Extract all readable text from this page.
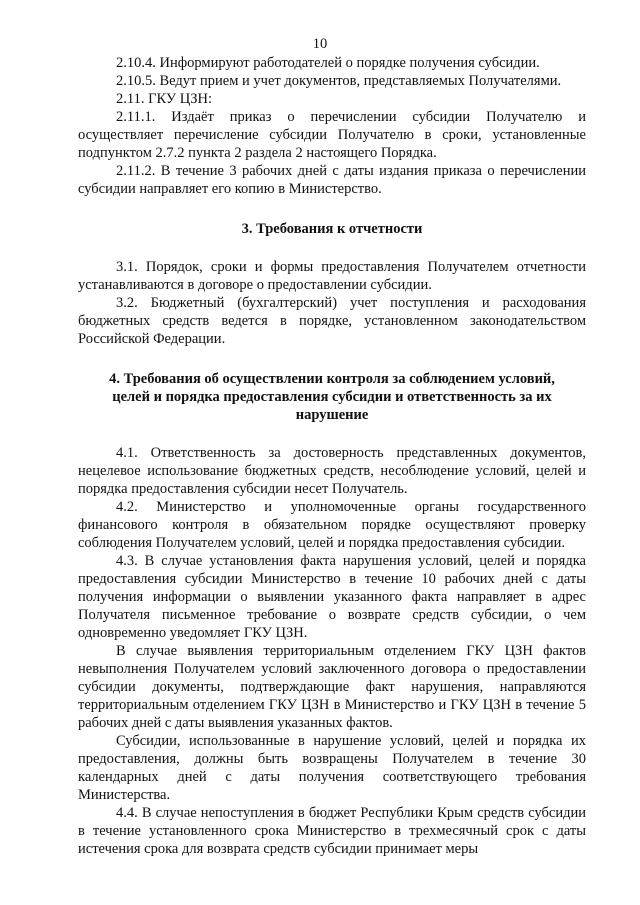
10

2.10.4. Информируют работодателей о порядке получения субсидии.

2.10.5. Ведут прием и учет документов, представляемых Получателями.

2.11. ГКУ ЦЗН:

2.11.1. Издаёт приказ о перечислении субсидии Получателю и осуществляет перечисление субсидии Получателю в сроки, установленные подпунктом 2.7.2 пункта 2 раздела 2 настоящего Порядка.

2.11.2. В течение 3 рабочих дней с даты издания приказа о перечислении субсидии направляет его копию в Министерство.

3. Требования к отчетности

3.1. Порядок, сроки и формы предоставления Получателем отчетности устанавливаются в договоре о предоставлении субсидии.

3.2. Бюджетный (бухгалтерский) учет поступления и расходования бюджетных средств ведется в порядке, установленном законодательством Российской Федерации.

4. Требования об осуществлении контроля за соблюдением условий, целей и порядка предоставления субсидии и ответственность за их нарушение

4.1. Ответственность за достоверность представленных документов, нецелевое использование бюджетных средств, несоблюдение условий, целей и порядка предоставления субсидии несет Получатель.

4.2. Министерство и уполномоченные органы государственного финансового контроля в обязательном порядке осуществляют проверку соблюдения Получателем условий, целей и порядка предоставления субсидии.

4.3. В случае установления факта нарушения условий, целей и порядка предоставления субсидии Министерство в течение 10 рабочих дней с даты получения информации о выявлении указанного факта направляет в адрес Получателя письменное требование о возврате средств субсидии, о чем одновременно уведомляет ГКУ ЦЗН.

В случае выявления территориальным отделением ГКУ ЦЗН фактов невыполнения Получателем условий заключенного договора о предоставлении субсидии документы, подтверждающие факт нарушения, направляются территориальным отделением ГКУ ЦЗН в Министерство и ГКУ ЦЗН в течение 5 рабочих дней с даты выявления указанных фактов.

Субсидии, использованные в нарушение условий, целей и порядка их предоставления, должны быть возвращены Получателем в течение 30 календарных дней с даты получения соответствующего требования Министерства.

4.4. В случае непоступления в бюджет Республики Крым средств субсидии в течение установленного срока Министерство в трехмесячный срок с даты истечения срока для возврата средств субсидии принимает меры
